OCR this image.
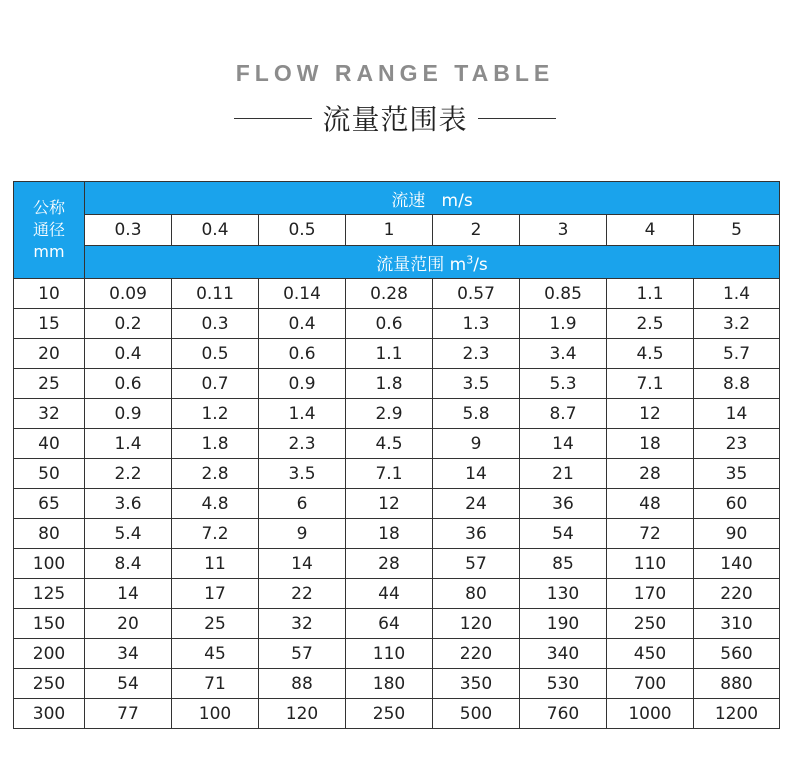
FLOW RANGE TABLE
流量范围表
公称
通径
mm	流速 m/s							
	0.3	0.4	0.5	1	2	3	4	5
	流量范围 $m^3/s$							
10	0.09	0.11	0.14	0.28	0.57	0.85	1.1	1.4
15	0.2	0.3	0.4	0.6	1.3	1.9	2.5	3.2
20	0.4	0.5	0.6	1.1	2.3	3.4	4.5	5.7
25	0.6	0.7	0.9	1.8	3.5	5.3	7.1	8.8
32	0.9	1.2	1.4	2.9	5.8	8.7	12	14
40	1.4	1.8	2.3	4.5	9	14	18	23
50	2.2	2.8	3.5	7.1	14	21	28	35
65	3.6	4.8	6	12	24	36	48	60
80	5.4	7.2	9	18	36	54	72	90
100	8.4	11	14	28	57	85	110	140
125	14	17	22	44	80	130	170	220
150	20	25	32	64	120	190	250	310
200	34	45	57	110	220	340	450	560
250	54	71	88	180	350	530	700	880
300	77	100	120	250	500	760	1000	1200
